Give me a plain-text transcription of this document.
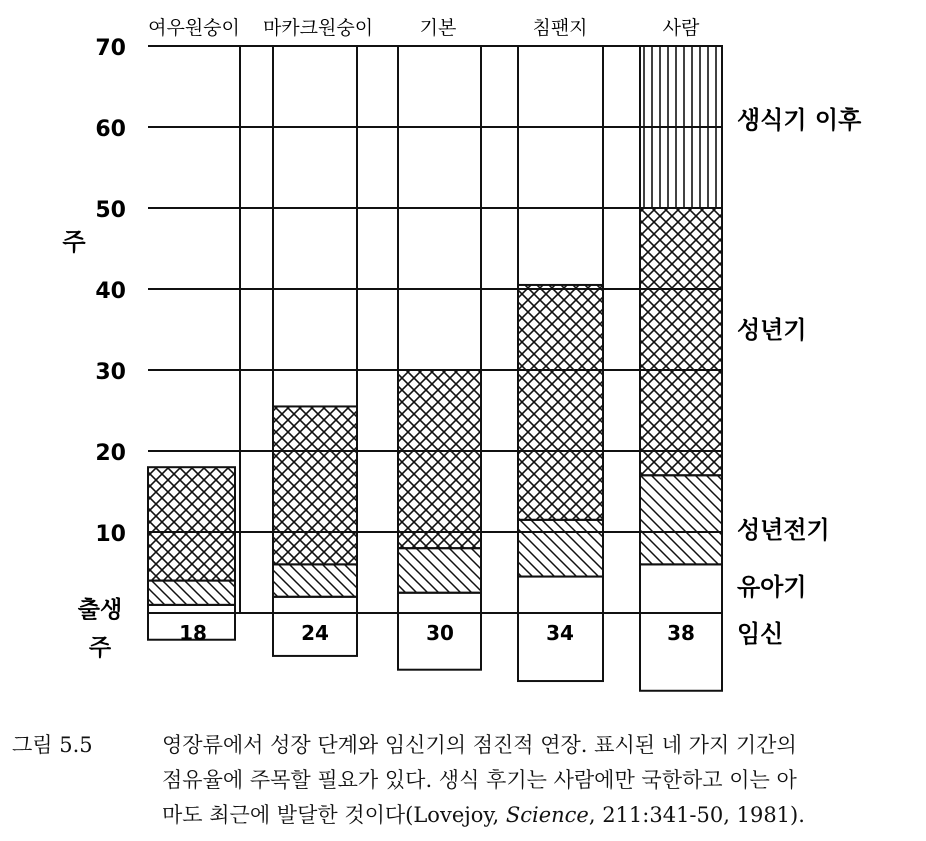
10
20
30
40
50
60
70
여우원숭이 마카크원숭이 기본	침팬지	사람
18	24	30	34	38
생식기 이후
성년기
성년전기
유아기
임신
주
출생
주
그림 5.5	영장류에서 성장 단계와 임신기의 점진적 연장. 표시된 네 가지 기간의
점유율에 주목할 필요가 있다. 생식 후기는 사람에만 국한하고 이는 아
마도 최근에 발달한 것이다(Lovejoy, Science, 211:341-50, 1981).
